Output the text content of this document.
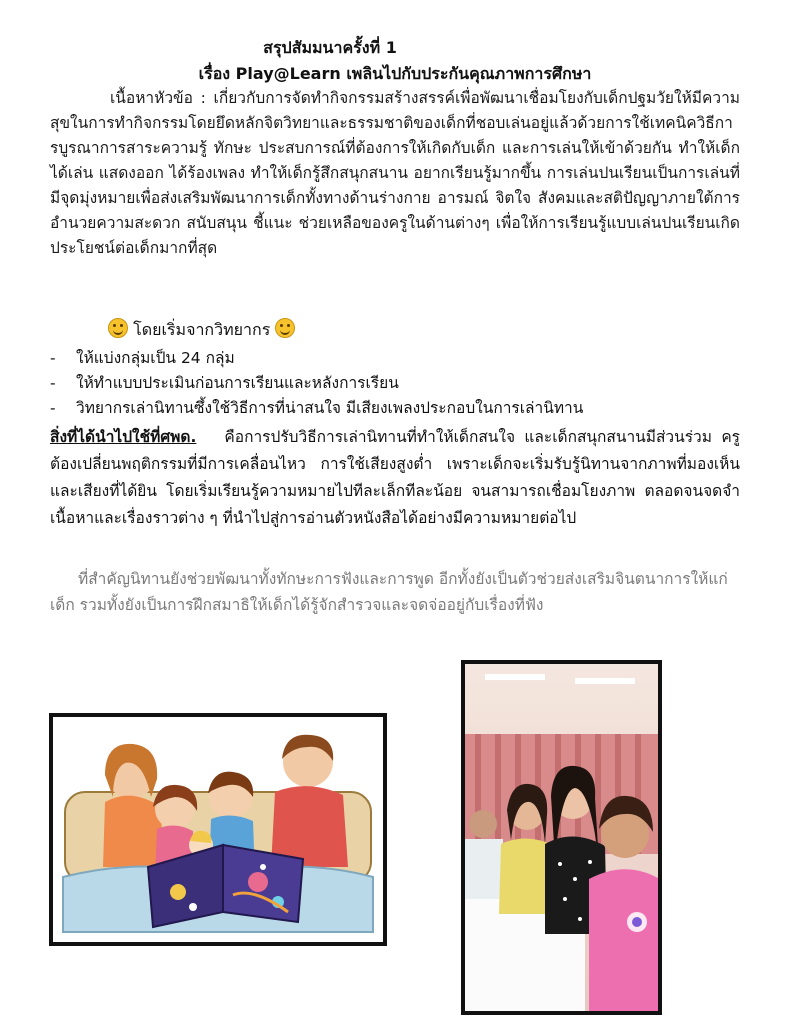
สรุปสัมมนาครั้งที่ 1
เรื่อง Play@Learn เพลินไปกับประกันคุณภาพการศึกษา
เนื้อหาหัวข้อ : เกี่ยวกับการจัดทำกิจกรรมสร้างสรรค์เพื่อพัฒนาเชื่อมโยงกับเด็กปฐมวัยให้มีความสุขในการทำกิจกรรมโดยยึดหลักจิตวิทยาและธรรมชาติของเด็กที่ชอบเล่นอยู่แล้วด้วยการใช้เทคนิควิธีการบูรณาการสาระความรู้ ทักษะ ประสบการณ์ที่ต้องการให้เกิดกับเด็ก และการเล่นให้เข้าด้วยกัน ทำให้เด็กได้เล่น แสดงออก ได้ร้องเพลง ทำให้เด็กรู้สึกสนุกสนาน อยากเรียนรู้มากขึ้น การเล่นปนเรียนเป็นการเล่นที่มีจุดมุ่งหมายเพื่อส่งเสริมพัฒนาการเด็กทั้งทางด้านร่างกาย อารมณ์ จิตใจ สังคมและสติปัญญาภายใต้การอำนวยความสะดวก สนับสนุน ชี้แนะ ช่วยเหลือของครูในด้านต่างๆ เพื่อให้การเรียนรู้แบบเล่นปนเรียนเกิดประโยชน์ต่อเด็กมากที่สุด
โดยเริ่มจากวิทยากร
- ให้แบ่งกลุ่มเป็น 24 กลุ่ม
- ให้ทำแบบประเมินก่อนการเรียนและหลังการเรียน
- วิทยากรเล่านิทานซึ้งใช้วิธีการที่น่าสนใจ มีเสียงเพลงประกอบในการเล่านิทาน
สิ่งที่ได้นำไปใช้ที่ศพด. คือการปรับวิธีการเล่านิทานที่ทำให้เด็กสนใจ และเด็กสนุกสนานมีส่วนร่วม ครูต้องเปลี่ยนพฤติกรรมที่มีการเคลื่อนไหว การใช้เสียงสูงต่ำ เพราะเด็กจะเริ่มรับรู้นิทานจากภาพที่มองเห็นและเสียงที่ได้ยิน โดยเริ่มเรียนรู้ความหมายไปทีละเล็กทีละน้อย จนสามารถเชื่อมโยงภาพ ตลอดจนจดจำเนื้อหาและเรื่องราวต่าง ๆ ที่นำไปสู่การอ่านตัวหนังสือได้อย่างมีความหมายต่อไป
ที่สำคัญนิทานยังช่วยพัฒนาทั้งทักษะการฟังและการพูด อีกทั้งยังเป็นตัวช่วยส่งเสริมจินตนาการให้แก่เด็ก รวมทั้งยังเป็นการฝึกสมาธิให้เด็กได้รู้จักสำรวจและจดจ่ออยู่กับเรื่องที่ฟัง
